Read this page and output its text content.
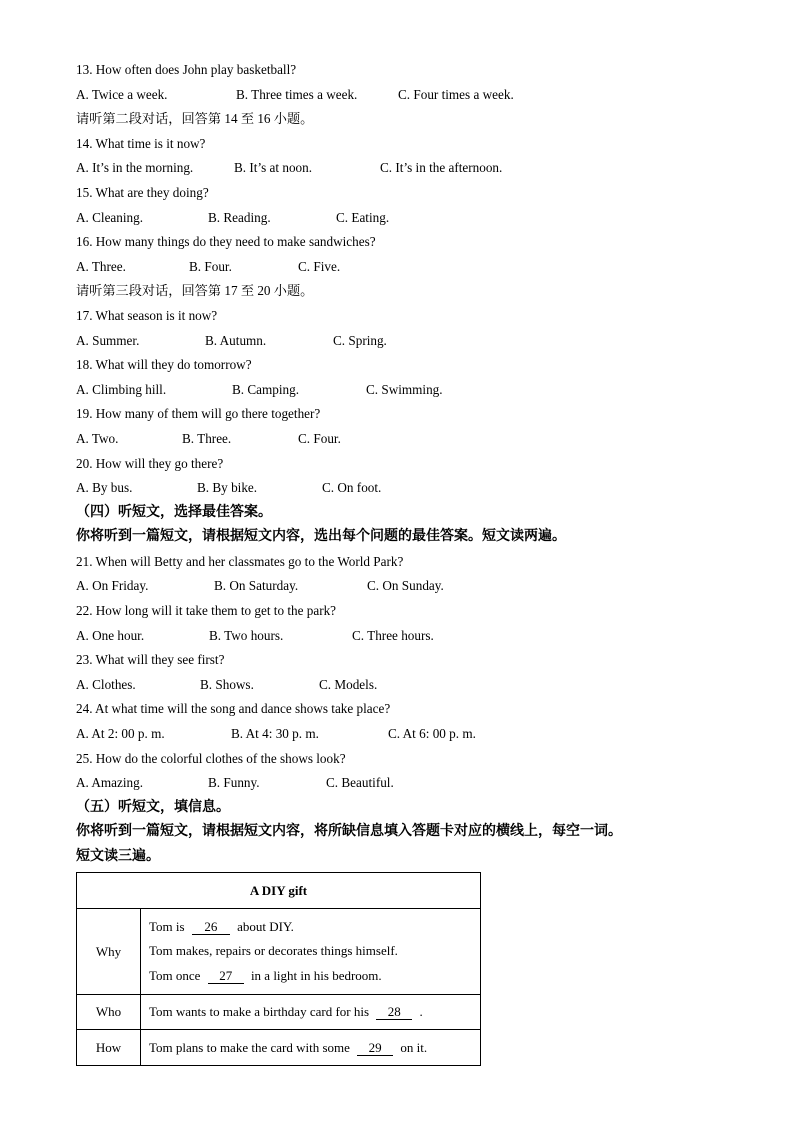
13. How often does John play basketball?
A. Twice a week.	B. Three times a week.	C. Four times a week.
请听第二段对话，回答第 14 至 16 小题。
14. What time is it now?
A. It’s in the morning.	B. It’s at noon.	C. It’s in the afternoon.
15. What are they doing?
A. Cleaning.	B. Reading.	C. Eating.
16. How many things do they need to make sandwiches?
A. Three.	B. Four.	C. Five.
请听第三段对话，回答第 17 至 20 小题。
17. What season is it now?
A. Summer.	B. Autumn.	C. Spring.
18. What will they do tomorrow?
A. Climbing hill.	B. Camping.	C. Swimming.
19. How many of them will go there together?
A. Two.	B. Three.	C. Four.
20. How will they go there?
A. By bus.	B. By bike.	C. On foot.
（四）听短文，选择最佳答案。
你将听到一篇短文，请根据短文内容，选出每个问题的最佳答案。短文读两遍。
21. When will Betty and her classmates go to the World Park?
A. On Friday.	B. On Saturday.	C. On Sunday.
22. How long will it take them to get to the park?
A. One hour.	B. Two hours.	C. Three hours.
23. What will they see first?
A. Clothes.	B. Shows.	C. Models.
24. At what time will the song and dance shows take place?
A. At 2: 00 p. m.	B. At 4: 30 p. m.	C. At 6: 00 p. m.
25. How do the colorful clothes of the shows look?
A. Amazing.	B. Funny.	C. Beautiful.
（五）听短文，填信息。
你将听到一篇短文，请根据短文内容，将所缺信息填入答题卡对应的横线上，每空一词。
短文读三遍。
A DIY gift	
Why	Tom is 26 about DIY.
Tom makes, repairs or decorates things himself.
Tom once 27 in a light in his bedroom.

Who	Tom wants to make a birthday card for his 28 .
How	Tom plans to make the card with some 29 on it.
